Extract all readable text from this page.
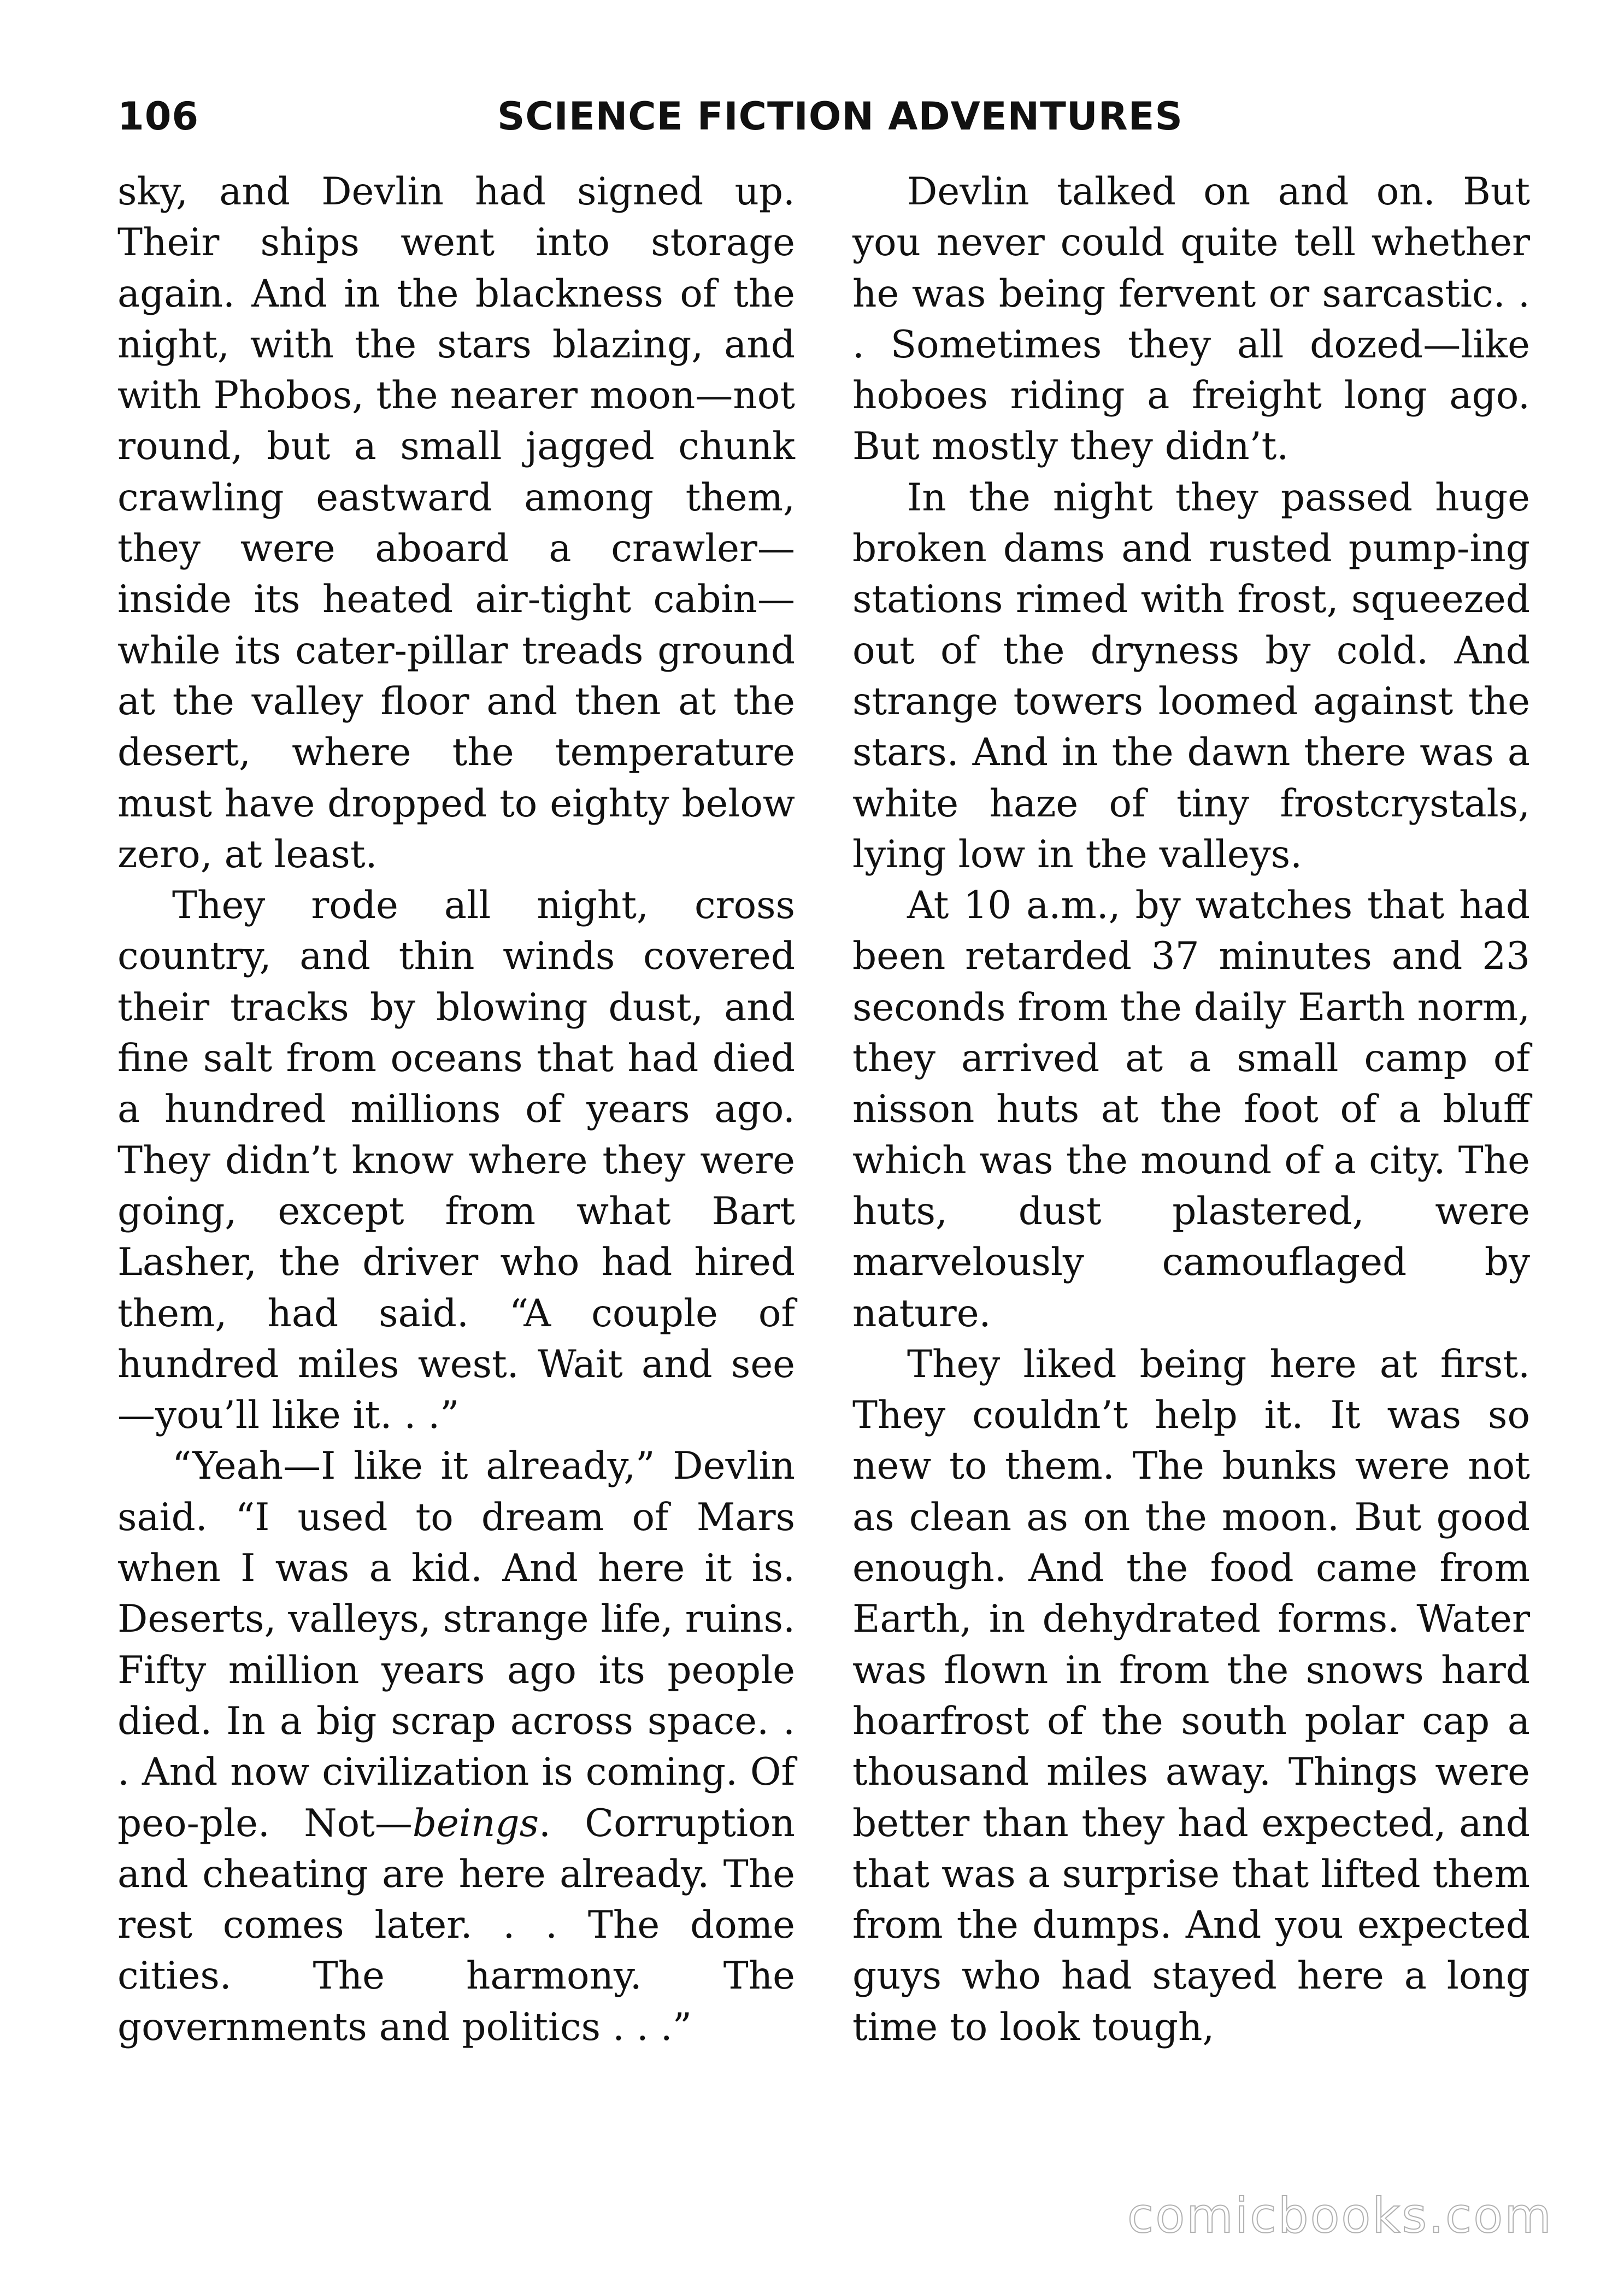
106	SCIENCE FICTION ADVENTURES

sky, and Devlin had signed up. Their ships went into storage again. And in the blackness of the night, with the stars blazing, and with Phobos, the nearer moon—not round, but a small jagged chunk crawling eastward among them, they were aboard a crawler—inside its heated air-tight cabin—while its cater-pillar treads ground at the valley floor and then at the desert, where the temperature must have dropped to eighty below zero, at least.

They rode all night, cross country, and thin winds covered their tracks by blowing dust, and fine salt from oceans that had died a hundred millions of years ago. They didn’t know where they were going, except from what Bart Lasher, the driver who had hired them, had said. “A couple of hundred miles west. Wait and see—you’ll like it. . .”

“Yeah—I like it already,” Devlin said. “I used to dream of Mars when I was a kid. And here it is. Deserts, valleys, strange life, ruins. Fifty million years ago its people died. In a big scrap across space. . . And now civilization is coming. Of peo-ple. Not—beings. Corruption and cheating are here already. The rest comes later. . . The dome cities. The harmony. The governments and politics . . .”

Devlin talked on and on. But you never could quite tell whether he was being fervent or sarcastic. . . Sometimes they all dozed—like hoboes riding a freight long ago. But mostly they didn’t.

In the night they passed huge broken dams and rusted pump-ing stations rimed with frost, squeezed out of the dryness by cold. And strange towers loomed against the stars. And in the dawn there was a white haze of tiny frostcrystals, lying low in the valleys.

At 10 a.m., by watches that had been retarded 37 minutes and 23 seconds from the daily Earth norm, they arrived at a small camp of nisson huts at the foot of a bluff which was the mound of a city. The huts, dust plastered, were marvelously camouflaged by nature.

They liked being here at first. They couldn’t help it. It was so new to them. The bunks were not as clean as on the moon. But good enough. And the food came from Earth, in dehydrated forms. Water was flown in from the snows hard hoarfrost of the south polar cap a thousand miles away. Things were better than they had expected, and that was a surprise that lifted them from the dumps. And you expected guys who had stayed here a long time to look tough,

comicbooks.com
